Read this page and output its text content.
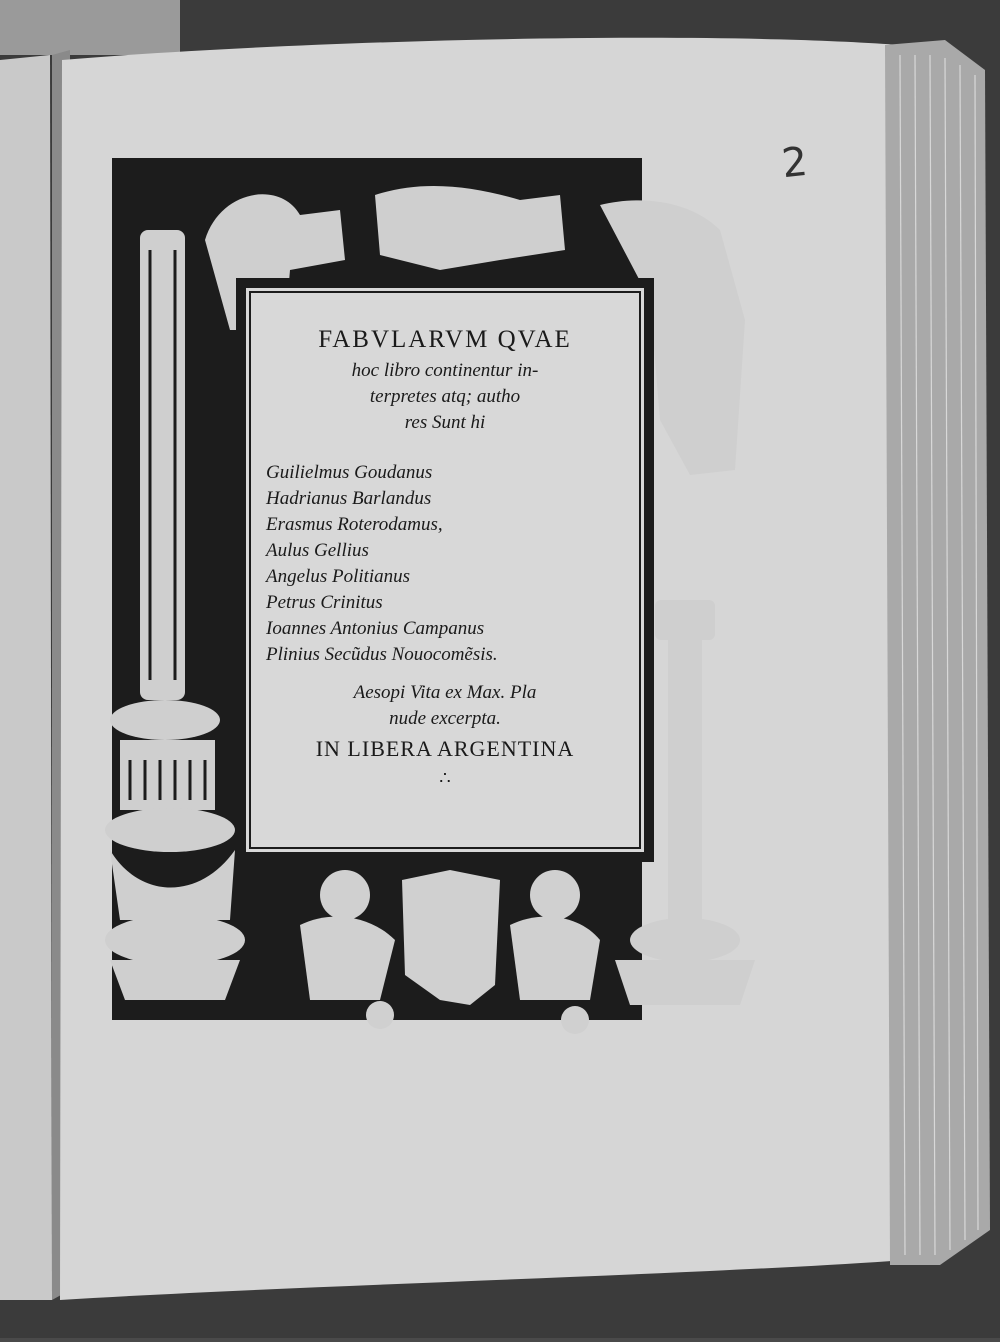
2
FABVLARVM QVAE
hoc libro continentur in-
terpretes atq; autho
res Sunt hi
Guilielmus Goudanus
Hadrianus Barlandus
Erasmus Roterodamus,
Aulus Gellius
Angelus Politianus
Petrus Crinitus
Ioannes Antonius Campanus
Plinius Secũdus Nouocomẽsis.
Aesopi Vita ex Max. Pla
nude excerpta.
IN LIBERA ARGENTINA
∴
